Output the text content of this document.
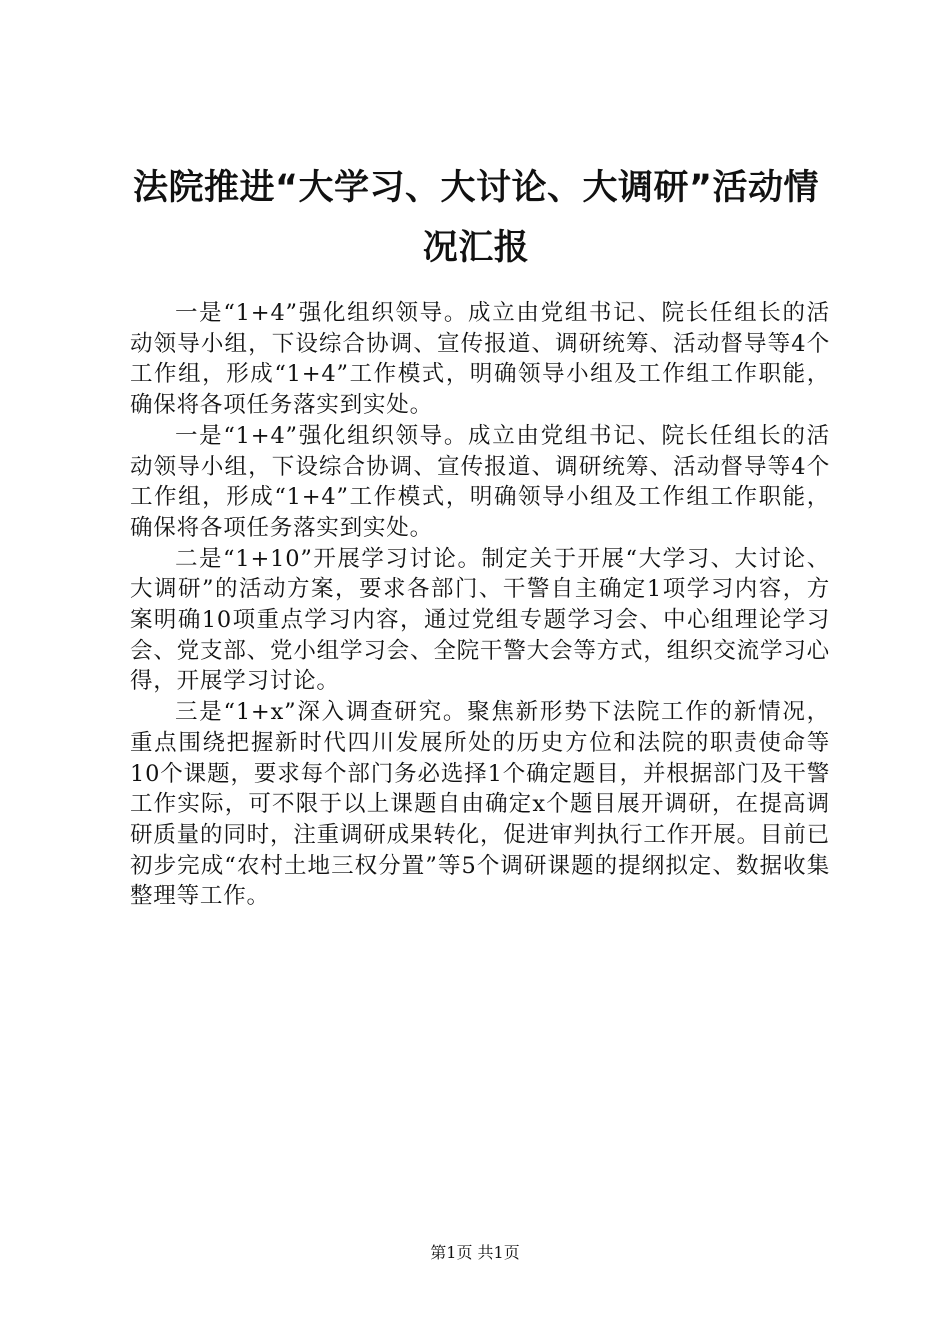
法院推进“大学习、大讨论、大调研”活动情况汇报

一是“1+4”强化组织领导。成立由党组书记、院长任组长的活动领导小组，下设综合协调、宣传报道、调研统筹、活动督导等4个工作组，形成“1+4”工作模式，明确领导小组及工作组工作职能，确保将各项任务落实到实处。

一是“1+4”强化组织领导。成立由党组书记、院长任组长的活动领导小组，下设综合协调、宣传报道、调研统筹、活动督导等4个工作组，形成“1+4”工作模式，明确领导小组及工作组工作职能，确保将各项任务落实到实处。

二是“1+10”开展学习讨论。制定关于开展“大学习、大讨论、大调研”的活动方案，要求各部门、干警自主确定1项学习内容，方案明确10项重点学习内容，通过党组专题学习会、中心组理论学习会、党支部、党小组学习会、全院干警大会等方式，组织交流学习心得，开展学习讨论。

三是“1+x”深入调查研究。聚焦新形势下法院工作的新情况，重点围绕把握新时代四川发展所处的历史方位和法院的职责使命等10个课题，要求每个部门务必选择1个确定题目，并根据部门及干警工作实际，可不限于以上课题自由确定x个题目展开调研，在提高调研质量的同时，注重调研成果转化，促进审判执行工作开展。目前已初步完成“农村土地三权分置”等5个调研课题的提纲拟定、数据收集整理等工作。

第1页 共1页
